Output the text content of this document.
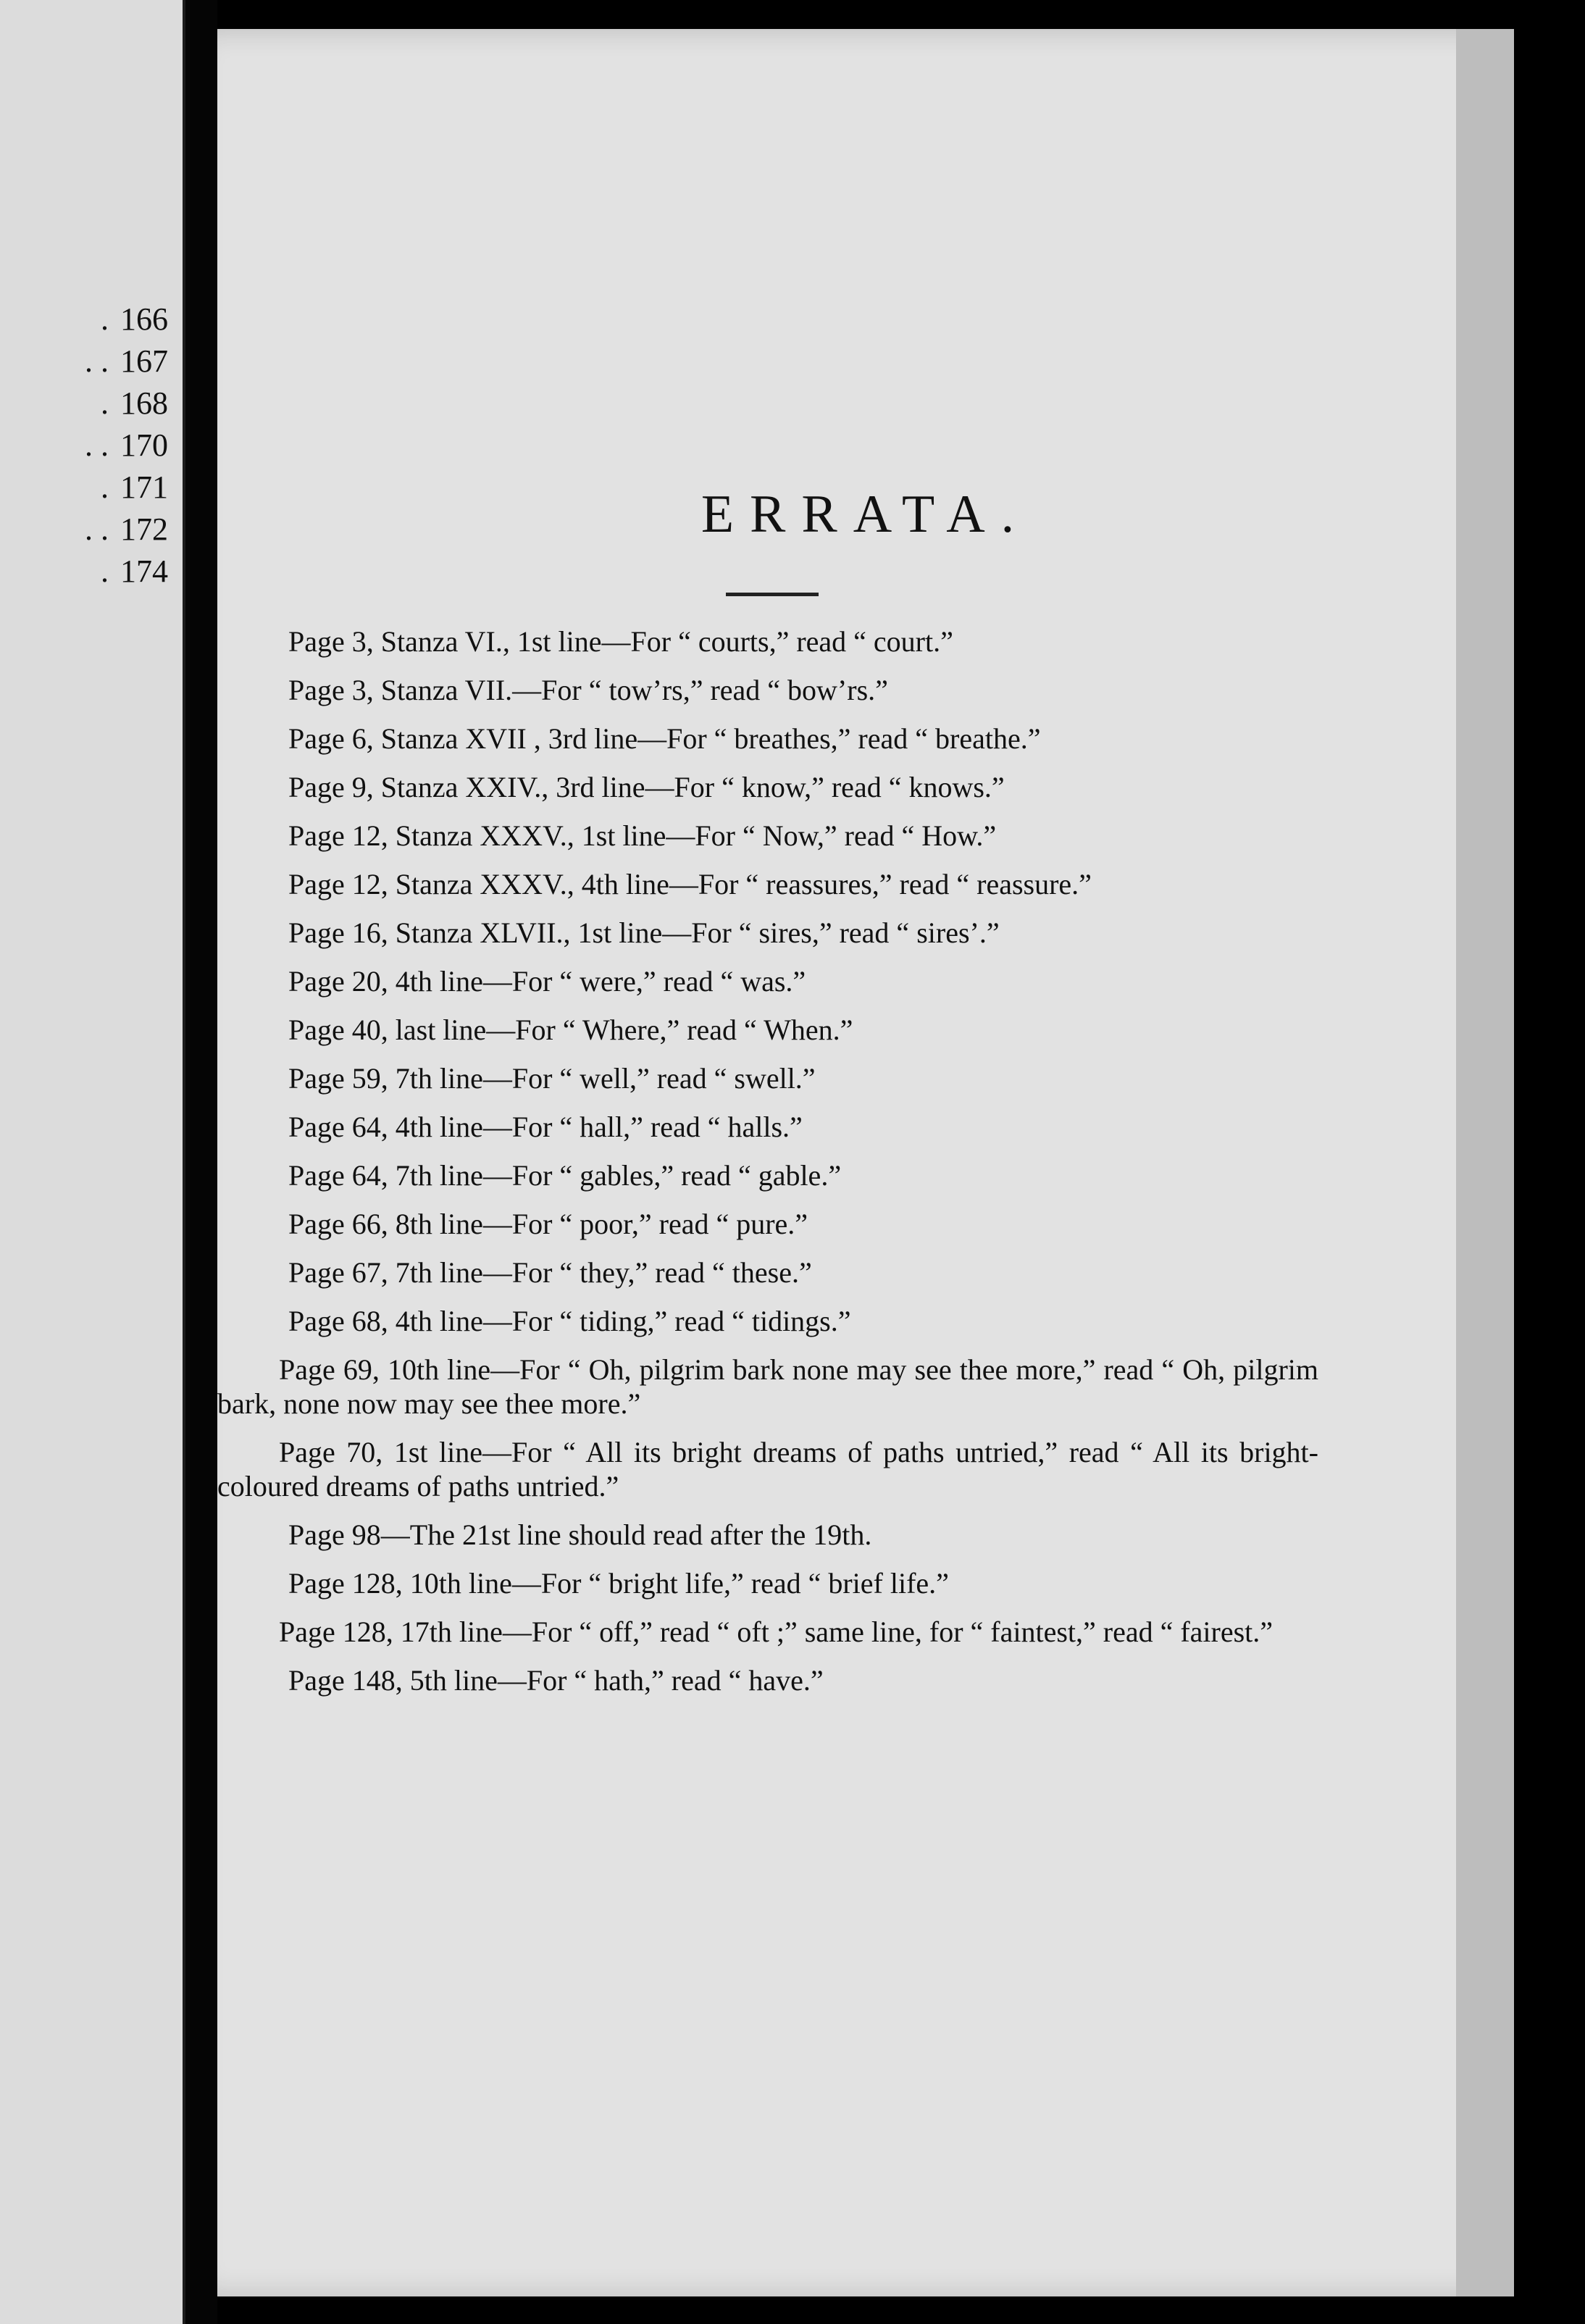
. 166
. . 167
. 168
. . 170
. 171
. . 172
. 174
ERRATA.
Page 3, Stanza VI., 1st line—For “ courts,” read “ court.”
Page 3, Stanza VII.—For “ tow’rs,” read “ bow’rs.”
Page 6, Stanza XVII , 3rd line—For “ breathes,” read “ breathe.”
Page 9, Stanza XXIV., 3rd line—For “ know,” read “ knows.”
Page 12, Stanza XXXV., 1st line—For “ Now,” read “ How.”
Page 12, Stanza XXXV., 4th line—For “ reassures,” read “ reassure.”
Page 16, Stanza XLVII., 1st line—For “ sires,” read “ sires’.”
Page 20, 4th line—For “ were,” read “ was.”
Page 40, last line—For “ Where,” read “ When.”
Page 59, 7th line—For “ well,” read “ swell.”
Page 64, 4th line—For “ hall,” read “ halls.”
Page 64, 7th line—For “ gables,” read “ gable.”
Page 66, 8th line—For “ poor,” read “ pure.”
Page 67, 7th line—For “ they,” read “ these.”
Page 68, 4th line—For “ tiding,” read “ tidings.”
Page 69, 10th line—For “ Oh, pilgrim bark none may see thee more,” read “ Oh, pilgrim bark, none now may see thee more.”
Page 70, 1st line—For “ All its bright dreams of paths untried,” read “ All its bright-coloured dreams of paths untried.”
Page 98—The 21st line should read after the 19th.
Page 128, 10th line—For “ bright life,” read “ brief life.”
Page 128, 17th line—For “ off,” read “ oft ;” same line, for “ faintest,” read “ fairest.”
Page 148, 5th line—For “ hath,” read “ have.”
